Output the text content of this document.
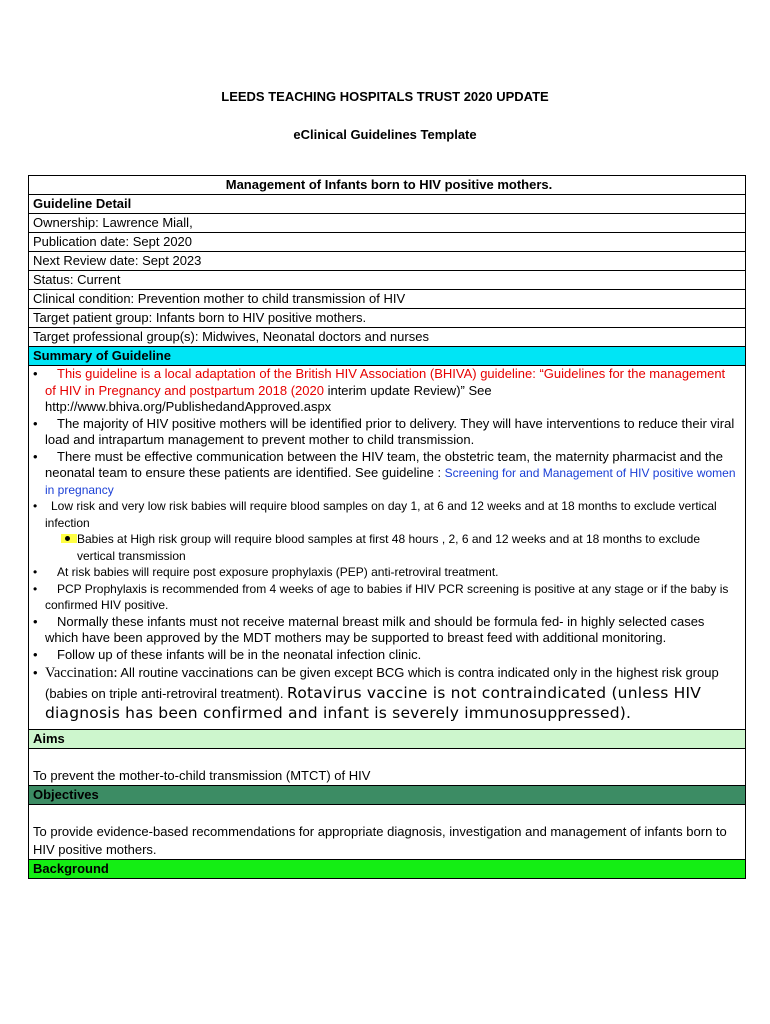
LEEDS TEACHING HOSPITALS TRUST 2020 UPDATE
eClinical Guidelines Template
Management of Infants born to HIV positive mothers.
Guideline Detail
Ownership: Lawrence Miall,
Publication date: Sept 2020
Next Review date: Sept 2023
Status: Current
Clinical condition: Prevention mother to child transmission of HIV
Target patient group: Infants born to HIV positive mothers.
Target professional group(s): Midwives, Neonatal doctors and nurses
Summary of Guideline

• This guideline is a local adaptation of the British HIV Association (BHIVA) guideline: “Guidelines for the management of HIV in Pregnancy and postpartum 2018 (2020 interim update Review)” See http://www.bhiva.org/PublishedandApproved.aspx
• The majority of HIV positive mothers will be identified prior to delivery. They will have interventions to reduce their viral load and intrapartum management to prevent mother to child transmission.
• There must be effective communication between the HIV team, the obstetric team, the maternity pharmacist and the neonatal team to ensure these patients are identified. See guideline : Screening for and Management of HIV positive women in pregnancy
• Low risk and very low risk babies will require blood samples on day 1, at 6 and 12 weeks and at 18 months to exclude vertical infection
Babies at High risk group will require blood samples at first 48 hours , 2, 6 and 12 weeks and at 18 months to exclude vertical transmission
• At risk babies will require post exposure prophylaxis (PEP) anti-retroviral treatment.
• PCP Prophylaxis is recommended from 4 weeks of age to babies if HIV PCR screening is positive at any stage or if the baby is confirmed HIV positive.
• Normally these infants must not receive maternal breast milk and should be formula fed- in highly selected cases which have been approved by the MDT mothers may be supported to breast feed with additional monitoring.
• Follow up of these infants will be in the neonatal infection clinic.
• Vaccination: All routine vaccinations can be given except BCG which is contra indicated only in the highest risk group (babies on triple anti-retroviral treatment). Rotavirus vaccine is not contraindicated (unless HIV diagnosis has been confirmed and infant is severely immunosuppressed).

Aims
To prevent the mother-to-child transmission (MTCT) of HIV
Objectives
To provide evidence-based recommendations for appropriate diagnosis, investigation and management of infants born to HIV positive mothers.
Background
